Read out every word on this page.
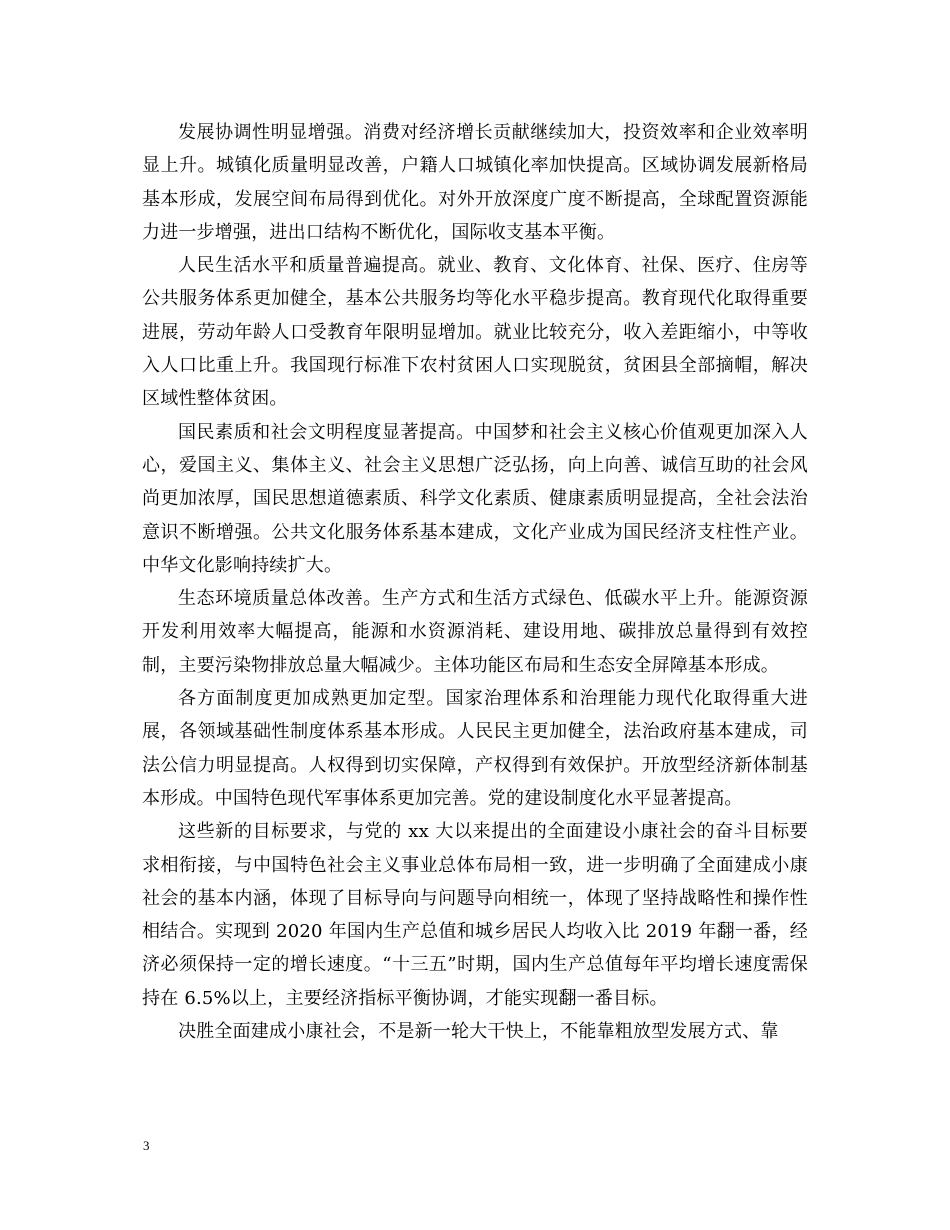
发展协调性明显增强。消费对经济增长贡献继续加大，投资效率和企业效率明显上升。城镇化质量明显改善，户籍人口城镇化率加快提高。区域协调发展新格局基本形成，发展空间布局得到优化。对外开放深度广度不断提高，全球配置资源能力进一步增强，进出口结构不断优化，国际收支基本平衡。

人民生活水平和质量普遍提高。就业、教育、文化体育、社保、医疗、住房等公共服务体系更加健全，基本公共服务均等化水平稳步提高。教育现代化取得重要进展，劳动年龄人口受教育年限明显增加。就业比较充分，收入差距缩小，中等收入人口比重上升。我国现行标准下农村贫困人口实现脱贫，贫困县全部摘帽，解决区域性整体贫困。

国民素质和社会文明程度显著提高。中国梦和社会主义核心价值观更加深入人心，爱国主义、集体主义、社会主义思想广泛弘扬，向上向善、诚信互助的社会风尚更加浓厚，国民思想道德素质、科学文化素质、健康素质明显提高，全社会法治意识不断增强。公共文化服务体系基本建成，文化产业成为国民经济支柱性产业。中华文化影响持续扩大。

生态环境质量总体改善。生产方式和生活方式绿色、低碳水平上升。能源资源开发利用效率大幅提高，能源和水资源消耗、建设用地、碳排放总量得到有效控制，主要污染物排放总量大幅减少。主体功能区布局和生态安全屏障基本形成。

各方面制度更加成熟更加定型。国家治理体系和治理能力现代化取得重大进展，各领域基础性制度体系基本形成。人民民主更加健全，法治政府基本建成，司法公信力明显提高。人权得到切实保障，产权得到有效保护。开放型经济新体制基本形成。中国特色现代军事体系更加完善。党的建设制度化水平显著提高。

这些新的目标要求，与党的 xx 大以来提出的全面建设小康社会的奋斗目标要求相衔接，与中国特色社会主义事业总体布局相一致，进一步明确了全面建成小康社会的基本内涵，体现了目标导向与问题导向相统一，体现了坚持战略性和操作性相结合。实现到 2020 年国内生产总值和城乡居民人均收入比 2019 年翻一番，经济必须保持一定的增长速度。“十三五”时期，国内生产总值每年平均增长速度需保持在 6.5%以上，主要经济指标平衡协调，才能实现翻一番目标。

决胜全面建成小康社会，不是新一轮大干快上，不能靠粗放型发展方式、靠

3
